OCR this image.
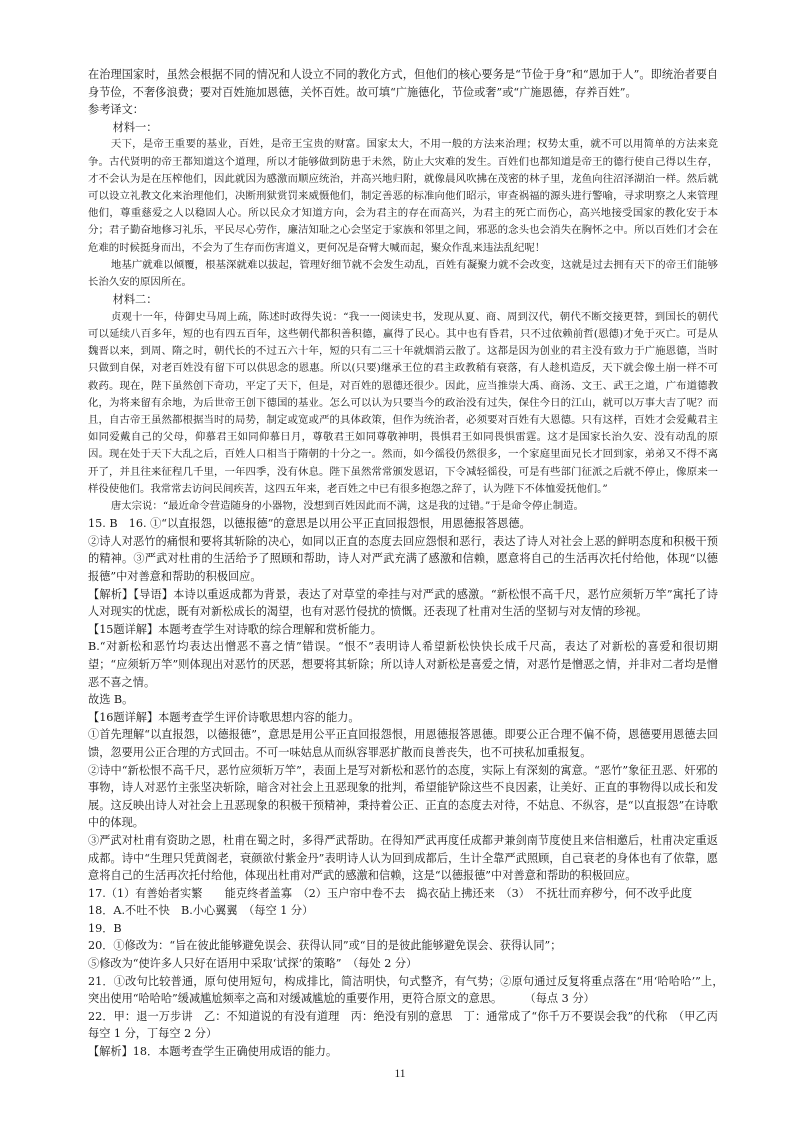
在治理国家时，虽然会根据不同的情况和人设立不同的教化方式，但他们的核心要务是“节俭于身”和“恩加于人”。即统治者要自身节俭，不奢侈浪费；要对百姓施加恩德，关怀百姓。故可填“广施德化，节俭或奢”或“广施恩德，存养百姓”。

参考译文：

材料一：

天下，是帝王重要的基业，百姓，是帝王宝贵的财富。国家太大，不用一般的方法来治理；权势太重，就不可以用简单的方法来竞争。古代贤明的帝王都知道这个道理，所以才能够做到防患于未然，防止大灾难的发生。百姓们也都知道是帝王的德行使自己得以生存，才不会认为是在压榨他们，因此就因为感激而顺应统治，并高兴地归附，就像晨风吹拂在茂密的林子里，龙鱼向往沼泽湖泊一样。然后就可以设立礼教文化来治理他们，决断刑狱赏罚来威慑他们，制定善恶的标准向他们昭示，审查祸福的源头进行警喻，寻求明察之人来管理他们，尊重慈爱之人以稳固人心。所以民众才知道方向，会为君主的存在而高兴，为君主的死亡而伤心，高兴地接受国家的教化安于本分；君子勤奋地修习礼乐，平民尽心劳作，廉洁知耻之心会坚定于家族和邻里之间，邪恶的念头也会消失在胸怀之中。所以百姓们才会在危难的时候挺身而出，不会为了生存而伤害道义，更何况是奋臂大喊而起，聚众作乱来违法乱纪呢！

地基广就难以倾覆，根基深就难以拔起，管理好细节就不会发生动乱，百姓有凝聚力就不会改变，这就是过去拥有天下的帝王们能够长治久安的原因所在。

材料二：

贞观十一年，侍御史马周上疏，陈述时政得失说：“我一一阅读史书，发现从夏、商、周到汉代，朝代不断交接更替，到国长的朝代可以延续八百多年，短的也有四五百年，这些朝代都积善积德，赢得了民心。其中也有昏君，只不过依赖前哲(恩德)才免于灭亡。可是从魏晋以来，到周、隋之时，朝代长的不过五六十年，短的只有二三十年就烟消云散了。这都是因为创业的君主没有致力于广施恩德，当时只做到自保，对老百姓没有留下可以供思念的恩惠。所以(只要)继承王位的君主政教稍有衰落，有人趁机造反，天下就会像土崩一样不可救药。现在，陛下虽然创下奇功，平定了天下，但是，对百姓的恩德还很少。因此，应当推崇大禹、商汤、文王、武王之道，广布道德教化，为将来留有余地，为后世帝王创下德国的基业。怎么可以认为只要当今的政治没有过失，保住今日的江山，就可以万事大吉了呢？而且，自古帝王虽然都根据当时的局势，制定或宽或严的具体政策，但作为统治者，必须要对百姓有大恩德。只有这样，百姓才会爱戴君主如同爱戴自己的父母，仰慕君王如同仰慕日月，尊敬君王如同尊敬神明，畏惧君王如同畏惧雷霆。这才是国家长治久安、没有动乱的原因。现在处于天下大乱之后，百姓人口相当于隋朝的十分之一。然而，如今徭役仍然很多，一个家庭里面兄长才回到家，弟弟又不得不离开了，并且往来征程几千里，一年四季，没有休息。陛下虽然常常颁发恩诏，下令减轻徭役，可是有些部门征派之后就不停止，像原来一样役使他们。我常常去访问民间疾苦，这四五年来，老百姓之中已有很多抱怨之辞了，认为陛下不体恤爱抚他们。”

唐太宗说：“最近命令营造随身的小器物，没想到百姓因此而不满，这是我的过错。”于是命令停止制造。

15. B　16. ①“以直报怨，以德报德”的意思是以用公平正直回报怨恨，用恩德报答恩德。

②诗人对恶竹的痛恨和要将其斩除的决心，如同以正直的态度去回应怨恨和恶行，表达了诗人对社会上恶的鲜明态度和积极干预的精神。③严武对杜甫的生活给予了照顾和帮助，诗人对严武充满了感激和信赖，愿意将自己的生活再次托付给他，体现“以德报德”中对善意和帮助的积极回应。

【解析】【导语】本诗以重返成都为背景，表达了对草堂的牵挂与对严武的感激。“新松恨不高千尺，恶竹应须斩万竿”寓托了诗人对现实的忧虑，既有对新松成长的渴望，也有对恶竹侵扰的愤慨。还表现了杜甫对生活的坚韧与对友情的珍视。

【15题详解】本题考查学生对诗歌的综合理解和赏析能力。

B.“对新松和恶竹均表达出憎恶不喜之情”错误。“恨不”表明诗人希望新松快快长成千尺高，表达了对新松的喜爱和很切期望；“应须斩万竿”则体现出对恶竹的厌恶，想要将其斩除；所以诗人对新松是喜爱之情，对恶竹是憎恶之情，并非对二者均是憎恶不喜之情。

故选 B。

【16题详解】本题考查学生评价诗歌思想内容的能力。

①首先理解“以直报怨，以德报德”，意思是用公平正直回报怨恨，用恩德报答恩德。即要公正合理不偏不倚，恩德要用恩德去回馈，忽要用公正合理的方式回击。不可一味姑息从而纵容罪恶扩散而良善丧失，也不可挟私加重报复。

②诗中“新松恨不高千尺，恶竹应须斩万竿”，表面上是写对新松和恶竹的态度，实际上有深刻的寓意。“恶竹”象征丑恶、奸邪的事物，诗人对恶竹主张坚决斩除，暗含对社会上丑恶现象的批判，希望能铲除这些不良因素，让美好、正直的事物得以成长和发展。这反映出诗人对社会上丑恶现象的积极干预精神，秉持着公正、正直的态度去对待，不姑息、不纵容，是“以直报怨”在诗歌中的体现。

③严武对杜甫有资助之恩，杜甫在蜀之时，多得严武帮助。在得知严武再度任成都尹兼剑南节度使且来信相邀后，杜甫决定重返成都。诗中“生理只凭黄阁老，衰颜欲付紫金丹”表明诗人认为回到成都后，生计全靠严武照顾，自己衰老的身体也有了依靠，愿意将自己的生活再次托付给他，体现出杜甫对严武的感激和信赖，这是“以德报德”中对善意和帮助的积极回应。

17.（1）有善始者实繁　　能克终者盖寡　（2）玉户帘中卷不去　捣衣砧上拂还来　（3）　不抚壮而弃秽兮，何不改乎此度

18．A.不吐不快　B.小心翼翼　（每空 1 分）

19．B

20．①修改为：“旨在彼此能够避免误会、获得认同”或“目的是彼此能够避免误会、获得认同”；

⑤修改为“使许多人只好在语用中采取‘试探’的策略”　（每处 2 分）

21．①改句比较普通，原句使用短句，构成排比，简洁明快，句式整齐，有气势；②原句通过反复将重点落在“用‘哈哈哈’”上，　突出使用“哈哈哈”缓减尴尬频率之高和对缓减尴尬的重要作用，更符合原文的意思。　　　（每点 3 分）

22．甲：退一万步讲　乙：不知道说的有没有道理　丙：绝没有别的意思　丁：通常成了“你千万不要误会我”的代称　（甲乙丙每空 1 分，丁每空 2 分）

【解析】18．本题考查学生正确使用成语的能力。

11
